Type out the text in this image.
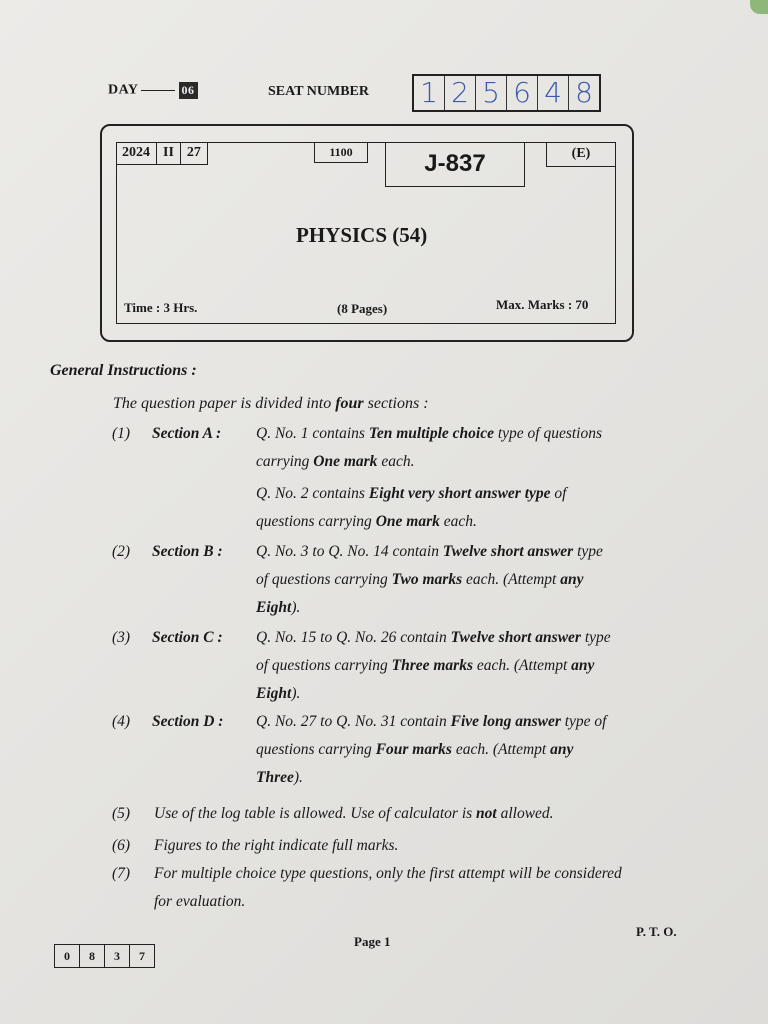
DAY	06	SEAT NUMBER 1 2 5 6 4 8
2024 II 27	1100	J-837	(E)
PHYSICS (54)
Time : 3 Hrs.	(8 Pages)	Max. Marks : 70
General Instructions :
The question paper is divided into four sections :
(1)	Section A : Q. No. 1 contains Ten multiple choice type of questions carrying One mark each.

Q. No. 2 contains Eight very short answer type of questions carrying One mark each.

(2)	Section B : Q. No. 3 to Q. No. 14 contain Twelve short answer type of questions carrying Two marks each. (Attempt any Eight).

(3)	Section C : Q. No. 15 to Q. No. 26 contain Twelve short answer type of questions carrying Three marks each. (Attempt any Eight).

(4)	Section D : Q. No. 27 to Q. No. 31 contain Five long answer type of questions carrying Four marks each. (Attempt any Three).

(5)	Use of the log table is allowed. Use of calculator is not allowed.

(6)	Figures to the right indicate full marks.

(7)	For multiple choice type questions, only the first attempt will be considered for evaluation.

0	8	3	7
Page 1
P. T. O.
